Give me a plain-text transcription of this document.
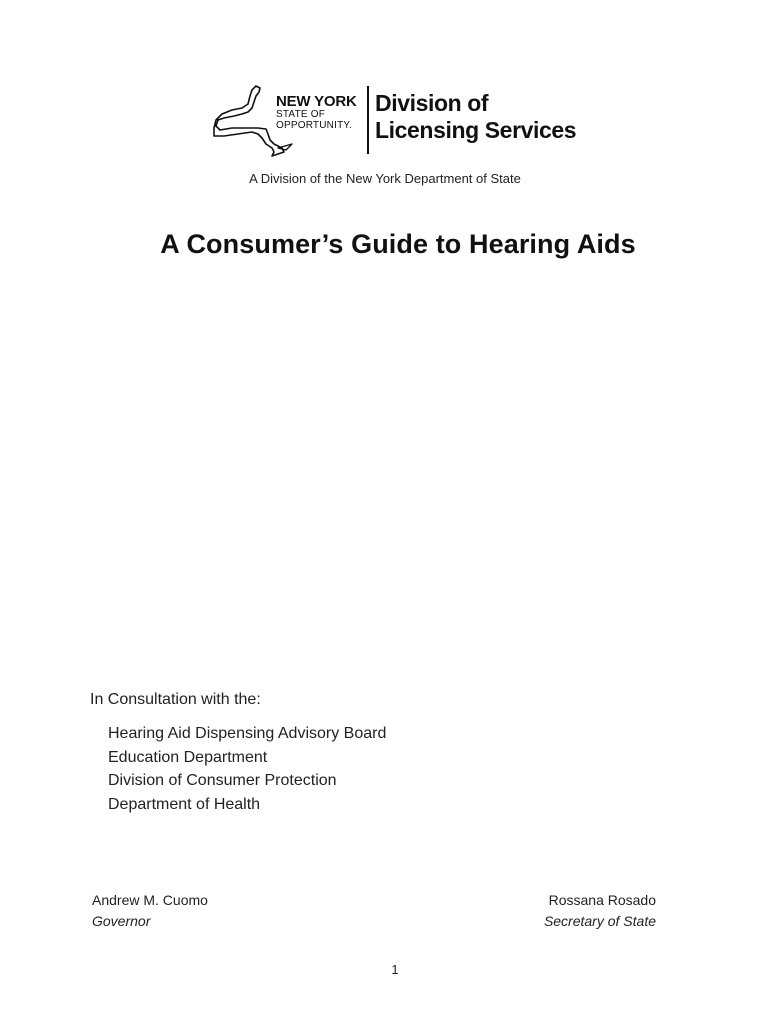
NEW YORK
STATE OF
OPPORTUNITY.
Division of
Licensing Services
A Division of the New York Department of State
A Consumer’s Guide to Hearing Aids
In Consultation with the:
Hearing Aid Dispensing Advisory Board
Education Department
Division of Consumer Protection
Department of Health
Andrew M. Cuomo
Governor
Rossana Rosado
Secretary of State
1
